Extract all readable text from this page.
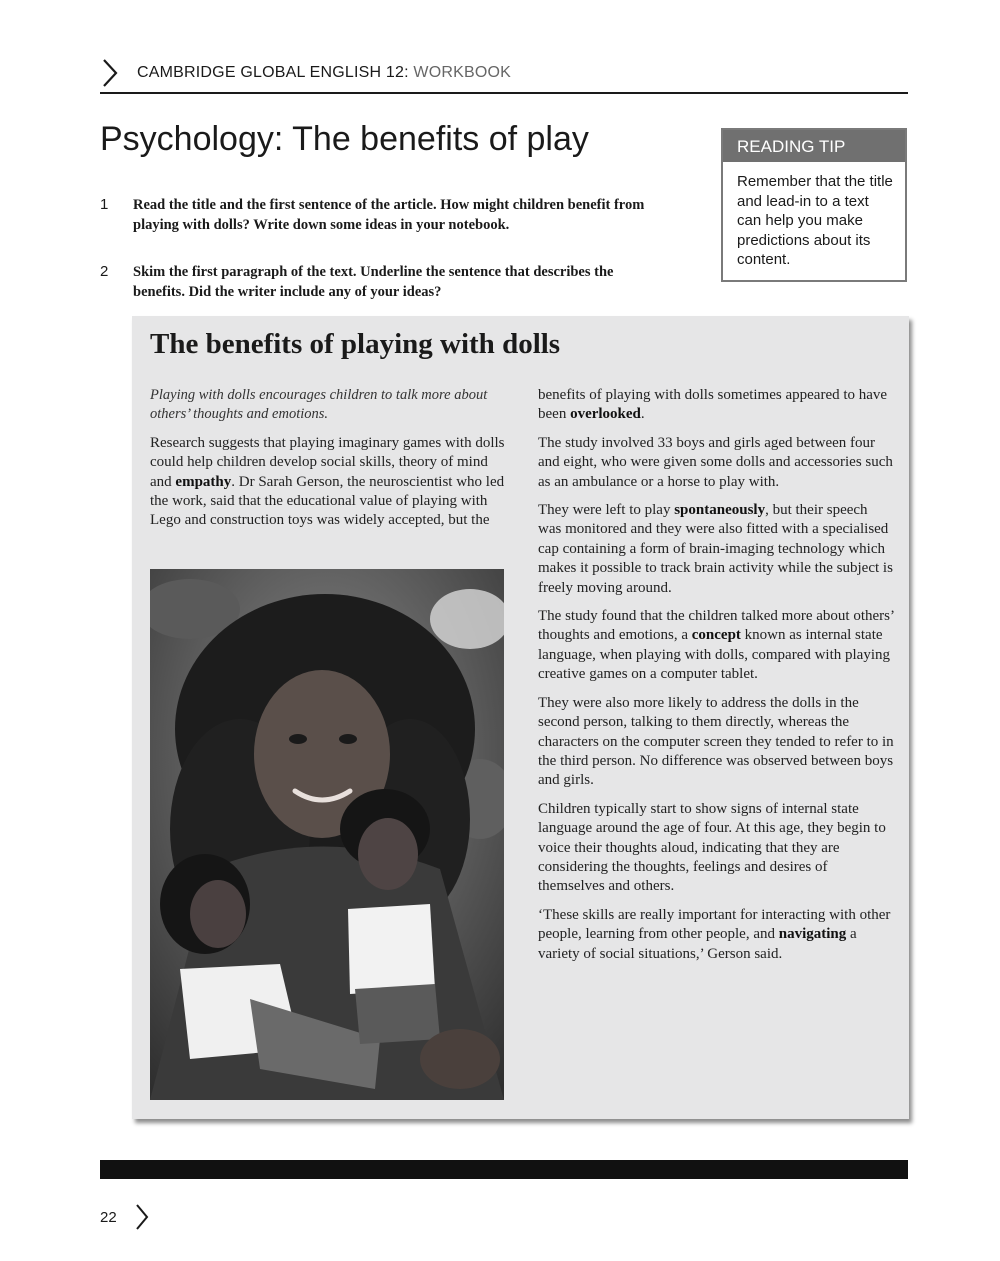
CAMBRIDGE GLOBAL ENGLISH 12: WORKBOOK
Psychology: The benefits of play
1 Read the title and the first sentence of the article. How might children benefit from playing with dolls? Write down some ideas in your notebook.
2 Skim the first paragraph of the text. Underline the sentence that describes the benefits. Did the writer include any of your ideas?
READING TIP
Remember that the title and lead-in to a text can help you make predictions about its content.
The benefits of playing with dolls

Playing with dolls encourages children to talk more about others’ thoughts and emotions.

Research suggests that playing imaginary games with dolls could help children develop social skills, theory of mind and empathy. Dr Sarah Gerson, the neuroscientist who led the work, said that the educational value of playing with Lego and construction toys was widely accepted, but the

benefits of playing with dolls sometimes appeared to have been overlooked.

The study involved 33 boys and girls aged between four and eight, who were given some dolls and accessories such as an ambulance or a horse to play with.

They were left to play spontaneously, but their speech was monitored and they were also fitted with a specialised cap containing a form of brain-imaging technology which makes it possible to track brain activity while the subject is freely moving around.

The study found that the children talked more about others’ thoughts and emotions, a concept known as internal state language, when playing with dolls, compared with playing creative games on a computer tablet.

They were also more likely to address the dolls in the second person, talking to them directly, whereas the characters on the computer screen they tended to refer to in the third person. No difference was observed between boys and girls.

Children typically start to show signs of internal state language around the age of four. At this age, they begin to voice their thoughts aloud, indicating that they are considering the thoughts, feelings and desires of themselves and others.

‘These skills are really important for interacting with other people, learning from other people, and navigating a variety of social situations,’ Gerson said.

22
